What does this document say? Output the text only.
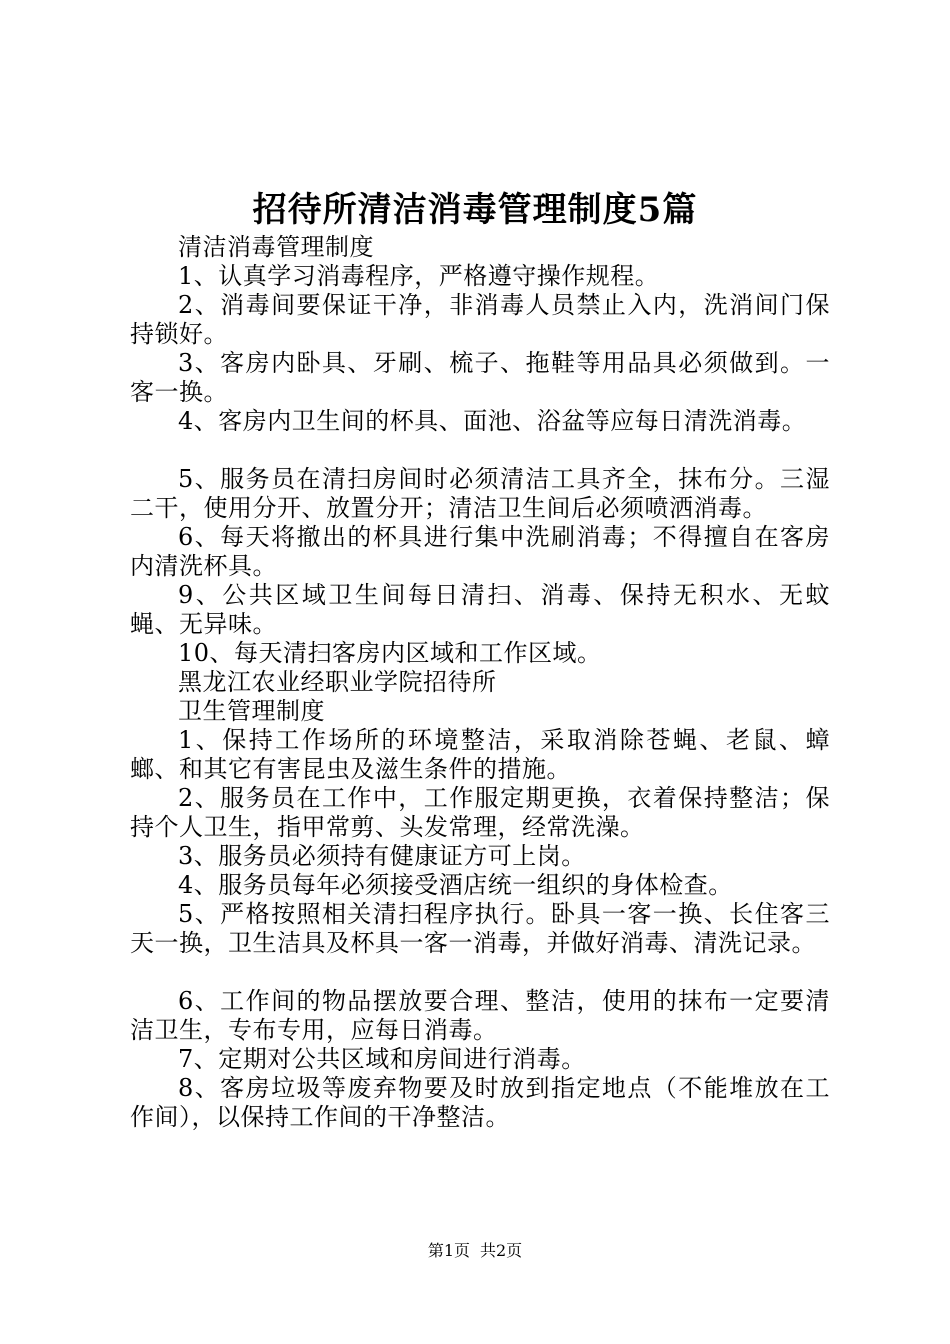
招待所清洁消毒管理制度5篇

清洁消毒管理制度

1、认真学习消毒程序，严格遵守操作规程。

2、消毒间要保证干净，非消毒人员禁止入内，洗消间门保持锁好。

3、客房内卧具、牙刷、梳子、拖鞋等用品具必须做到。一客一换。

4、客房内卫生间的杯具、面池、浴盆等应每日清洗消毒。

5、服务员在清扫房间时必须清洁工具齐全，抹布分。三湿二干，使用分开、放置分开；清洁卫生间后必须喷洒消毒。

6、每天将撤出的杯具进行集中洗刷消毒；不得擅自在客房内清洗杯具。

9、公共区域卫生间每日清扫、消毒、保持无积水、无蚊蝇、无异味。

10、每天清扫客房内区域和工作区域。

黑龙江农业经职业学院招待所

卫生管理制度

1、保持工作场所的环境整洁，采取消除苍蝇、老鼠、蟑螂、和其它有害昆虫及滋生条件的措施。

2、服务员在工作中，工作服定期更换，衣着保持整洁；保持个人卫生，指甲常剪、头发常理，经常洗澡。

3、服务员必须持有健康证方可上岗。

4、服务员每年必须接受酒店统一组织的身体检查。

5、严格按照相关清扫程序执行。卧具一客一换、长住客三天一换，卫生洁具及杯具一客一消毒，并做好消毒、清洗记录。

6、工作间的物品摆放要合理、整洁，使用的抹布一定要清洁卫生，专布专用，应每日消毒。

7、定期对公共区域和房间进行消毒。

8、客房垃圾等废弃物要及时放到指定地点（不能堆放在工作间），以保持工作间的干净整洁。

第1页 共2页
